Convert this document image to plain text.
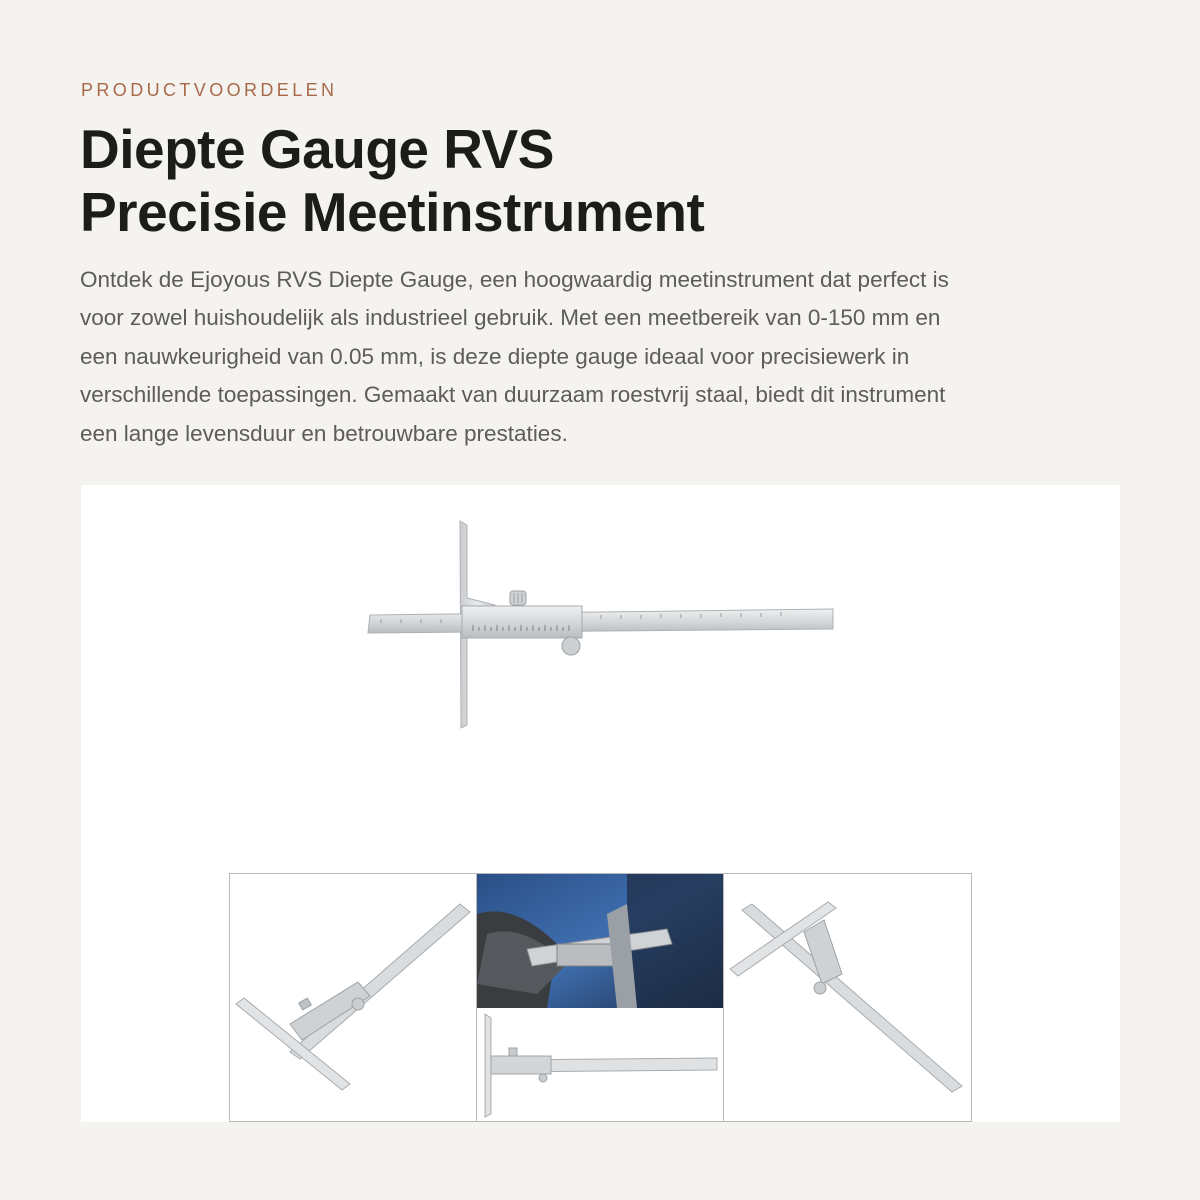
PRODUCTVOORDELEN
Diepte Gauge RVS
Precisie Meetinstrument

Ontdek de Ejoyous RVS Diepte Gauge, een hoogwaardig meetinstrument dat perfect is
voor zowel huishoudelijk als industrieel gebruik. Met een meetbereik van 0-150 mm en
een nauwkeurigheid van 0.05 mm, is deze diepte gauge ideaal voor precisiewerk in
verschillende toepassingen. Gemaakt van duurzaam roestvrij staal, biedt dit instrument
een lange levensduur en betrouwbare prestaties.
